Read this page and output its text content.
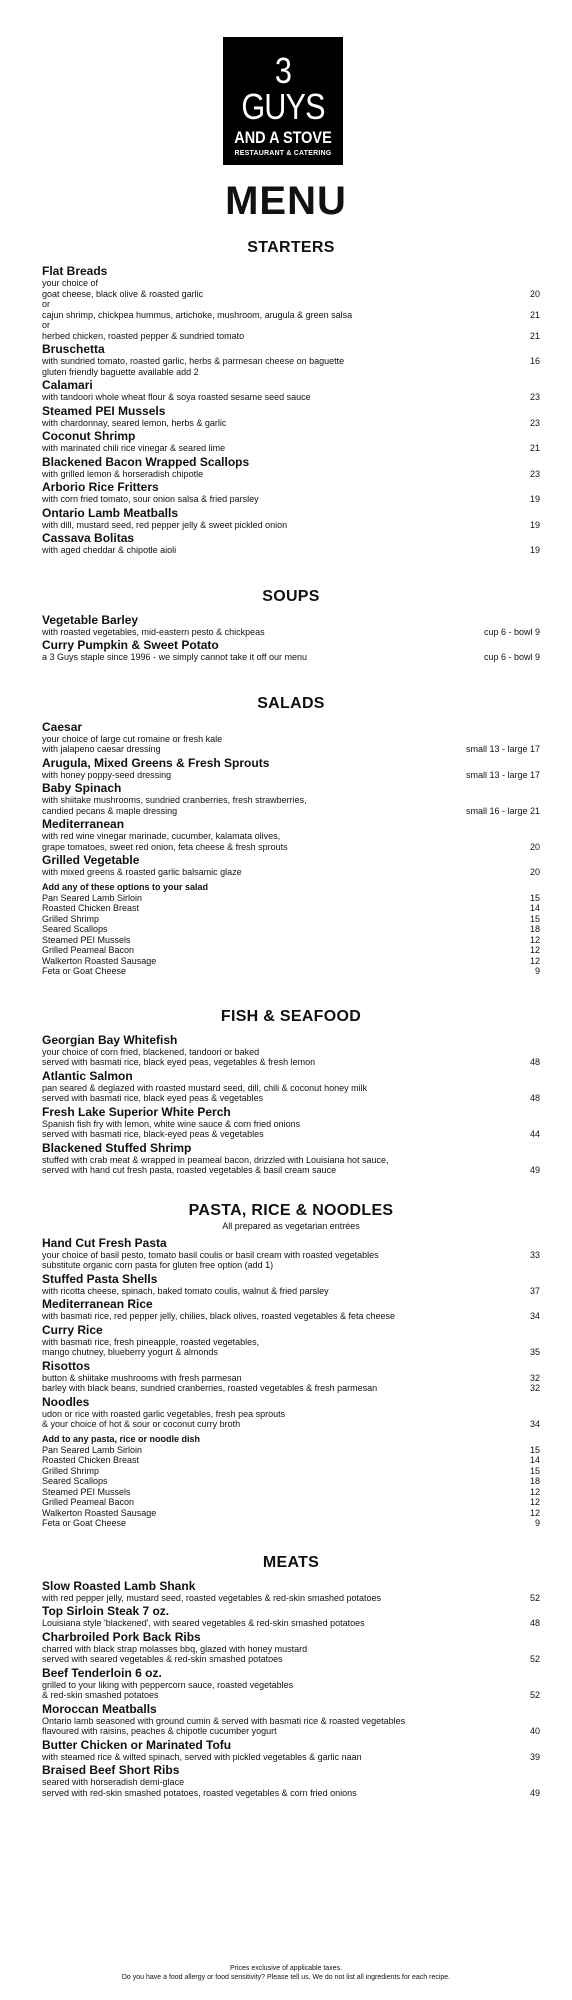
3 GUYS
AND A STOVE
RESTAURANT & CATERING
MENU
STARTERS
Flat Breads
your choice of
goat cheese, black olive & roasted garlic	20
or
cajun shrimp, chickpea hummus, artichoke, mushroom, arugula & green salsa	21
or
herbed chicken, roasted pepper & sundried tomato	21
Bruschetta
with sundried tomato, roasted garlic, herbs & parmesan cheese on baguette	16
gluten friendly baguette available add 2
Calamari
with tandoori whole wheat flour & soya roasted sesame seed sauce	23
Steamed PEI Mussels
with chardonnay, seared lemon, herbs & garlic	23
Coconut Shrimp
with marinated chili rice vinegar & seared lime	21
Blackened Bacon Wrapped Scallops
with grilled lemon & horseradish chipotle	23
Arborio Rice Fritters
with corn fried tomato, sour onion salsa & fried parsley	19
Ontario Lamb Meatballs
with dill, mustard seed, red pepper jelly & sweet pickled onion	19
Cassava Bolitas
with aged cheddar & chipotle aioli	19
SOUPS
Vegetable Barley
with roasted vegetables, mid-eastern pesto & chickpeas	cup 6 - bowl 9
Curry Pumpkin & Sweet Potato
a 3 Guys staple since 1996 - we simply cannot take it off our menu	cup 6 - bowl 9
SALADS
Caesar
your choice of large cut romaine or fresh kale
with jalapeno caesar dressing	small 13 - large 17
Arugula, Mixed Greens & Fresh Sprouts
with honey poppy-seed dressing	small 13 - large 17
Baby Spinach
with shiitake mushrooms, sundried cranberries, fresh strawberries,
candied pecans & maple dressing	small 16 - large 21
Mediterranean
with red wine vinegar marinade, cucumber, kalamata olives,
grape tomatoes, sweet red onion, feta cheese & fresh sprouts	20
Grilled Vegetable
with mixed greens & roasted garlic balsamic glaze	20
Add any of these options to your salad
Pan Seared Lamb Sirloin	15
Roasted Chicken Breast	14
Grilled Shrimp	15
Seared Scallops	18
Steamed PEI Mussels	12
Grilled Peameal Bacon	12
Walkerton Roasted Sausage	12
Feta or Goat Cheese	9
FISH & SEAFOOD
Georgian Bay Whitefish
your choice of corn fried, blackened, tandoori or baked
served with basmati rice, black eyed peas, vegetables & fresh lemon	48
Atlantic Salmon
pan seared & deglazed with roasted mustard seed, dill, chili & coconut honey milk
served with basmati rice, black eyed peas & vegetables	48
Fresh Lake Superior White Perch
Spanish fish fry with lemon, white wine sauce & corn fried onions
served with basmati rice, black-eyed peas & vegetables	44
Blackened Stuffed Shrimp
stuffed with crab meat & wrapped in peameal bacon, drizzled with Louisiana hot sauce,
served with hand cut fresh pasta, roasted vegetables & basil cream sauce	49
PASTA, RICE & NOODLES
All prepared as vegetarian entrées
Hand Cut Fresh Pasta
your choice of basil pesto, tomato basil coulis or basil cream with roasted vegetables	33
substitute organic corn pasta for gluten free option (add 1)
Stuffed Pasta Shells
with ricotta cheese, spinach, baked tomato coulis, walnut & fried parsley	37
Mediterranean Rice
with basmati rice, red pepper jelly, chilies, black olives, roasted vegetables & feta cheese	34
Curry Rice
with basmati rice, fresh pineapple, roasted vegetables,
mango chutney, blueberry yogurt & almonds	35
Risottos
button & shiitake mushrooms with fresh parmesan	32
barley with black beans, sundried cranberries, roasted vegetables & fresh parmesan	32
Noodles
udon or rice with roasted garlic vegetables, fresh pea sprouts
& your choice of hot & sour or coconut curry broth	34
Add to any pasta, rice or noodle dish
Pan Seared Lamb Sirloin	15
Roasted Chicken Breast	14
Grilled Shrimp	15
Seared Scallops	18
Steamed PEI Mussels	12
Grilled Peameal Bacon	12
Walkerton Roasted Sausage	12
Feta or Goat Cheese	9
MEATS
Slow Roasted Lamb Shank
with red pepper jelly, mustard seed, roasted vegetables & red-skin smashed potatoes	52
Top Sirloin Steak 7 oz.
Louisiana style 'blackened', with seared vegetables & red-skin smashed potatoes	48
Charbroiled Pork Back Ribs
charred with black strap molasses bbq, glazed with honey mustard
served with seared vegetables & red-skin smashed potatoes	52
Beef Tenderloin 6 oz.
grilled to your liking with peppercorn sauce, roasted vegetables
& red-skin smashed potatoes	52
Moroccan Meatballs
Ontario lamb seasoned with ground cumin & served with basmati rice & roasted vegetables
flavoured with raisins, peaches & chipotle cucumber yogurt	40
Butter Chicken or Marinated Tofu
with steamed rice & wilted spinach, served with pickled vegetables & garlic naan	39
Braised Beef Short Ribs
seared with horseradish demi-glace
served with red-skin smashed potatoes, roasted vegetables & corn fried onions	49
Prices exclusive of applicable taxes.
Do you have a food allergy or food sensitivity? Please tell us. We do not list all ingredients for each recipe.
